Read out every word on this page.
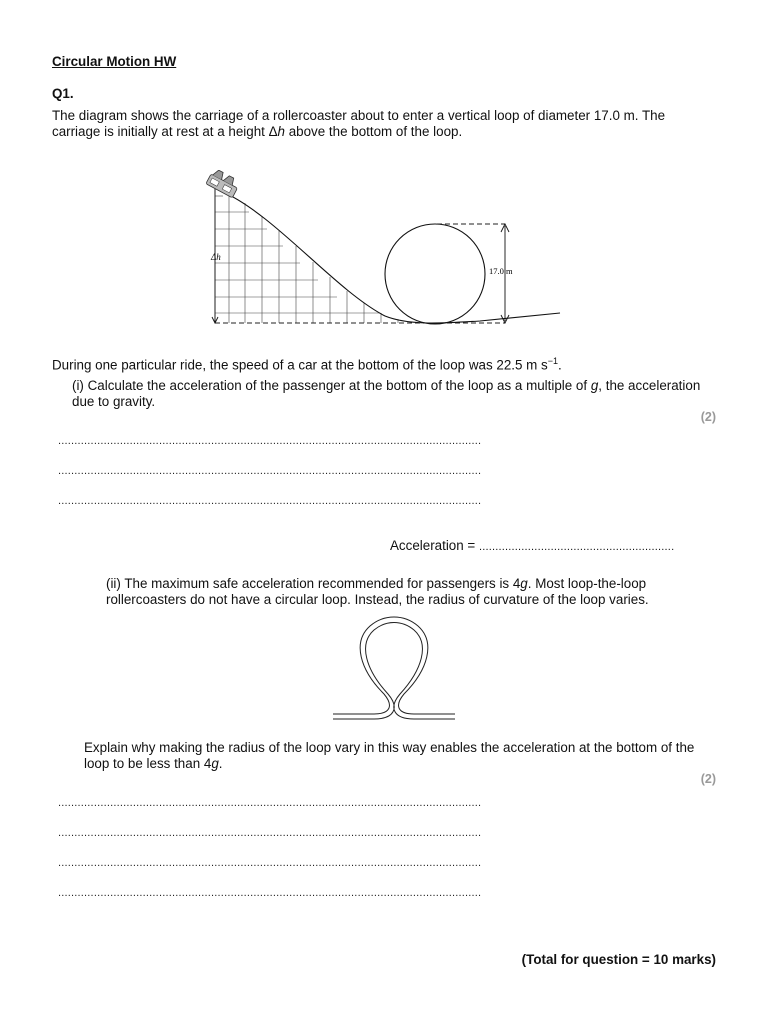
Circular Motion HW
Q1.
The diagram shows the carriage of a rollercoaster about to enter a vertical loop of diameter 17.0 m. The
carriage is initially at rest at a height Δh above the bottom of the loop.
Δh
17.0 m
During one particular ride, the speed of a car at the bottom of the loop was 22.5 m $s^{-1}$.
(i) Calculate the acceleration of the passenger at the bottom of the loop as a multiple of g, the acceleration due to gravity.
(2)
..................................................................................................................................
..................................................................................................................................
..................................................................................................................................
Acceleration = ............................................................
(ii) The maximum safe acceleration recommended for passengers is 4g. Most loop-the-loop rollercoasters do not have a circular loop. Instead, the radius of curvature of the loop varies.
Explain why making the radius of the loop vary in this way enables the acceleration at the bottom of the loop to be less than 4g.
(2)
..................................................................................................................................
..................................................................................................................................
..................................................................................................................................
..................................................................................................................................
(Total for question = 10 marks)
